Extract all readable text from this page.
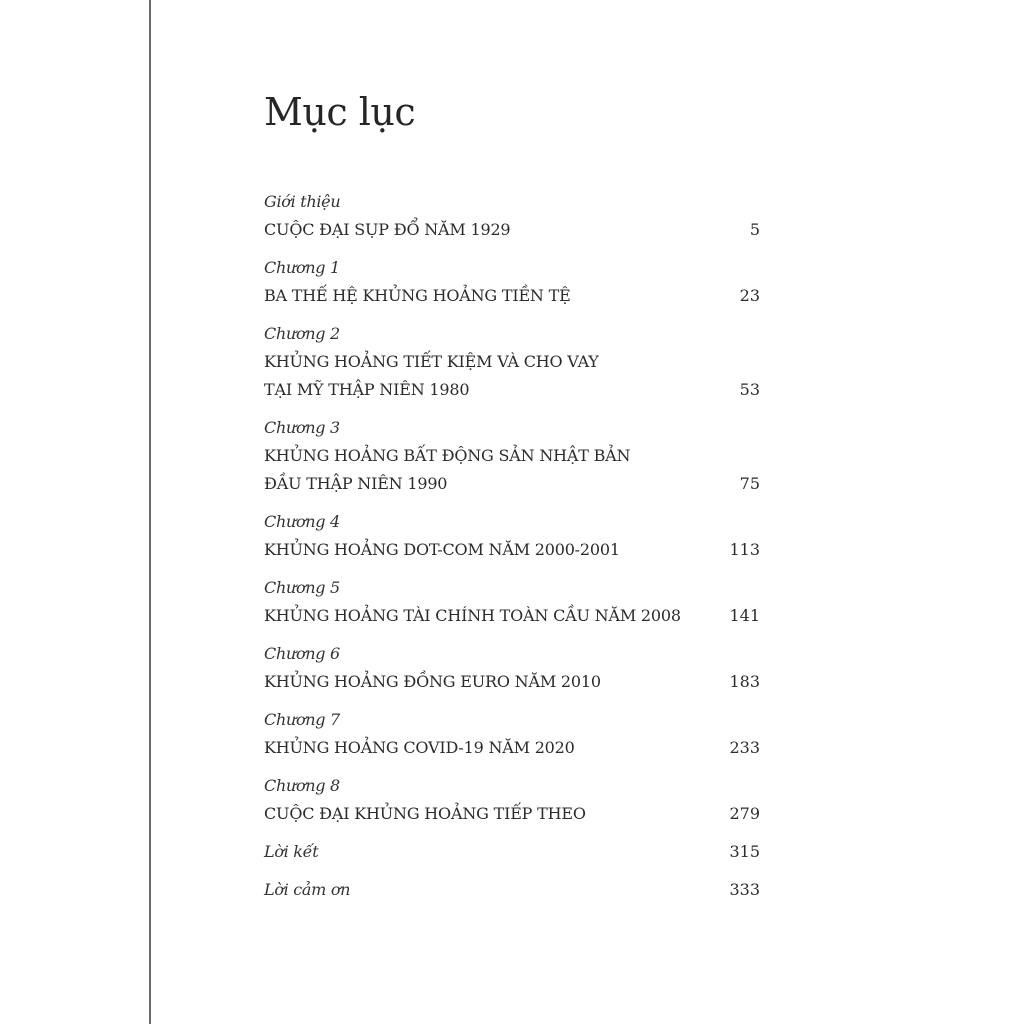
Mục lục
Giới thiệu
CUỘC ĐẠI SỤP ĐỔ NĂM 1929	5
Chương 1
BA THẾ HỆ KHỦNG HOẢNG TIỀN TỆ	23
Chương 2
KHỦNG HOẢNG TIẾT KIỆM VÀ CHO VAY
TẠI MỸ THẬP NIÊN 1980	53
Chương 3
KHỦNG HOẢNG BẤT ĐỘNG SẢN NHẬT BẢN
ĐẦU THẬP NIÊN 1990	75
Chương 4
KHỦNG HOẢNG DOT-COM NĂM 2000-2001	113
Chương 5
KHỦNG HOẢNG TÀI CHÍNH TOÀN CẦU NĂM 2008	141
Chương 6
KHỦNG HOẢNG ĐỒNG EURO NĂM 2010	183
Chương 7
KHỦNG HOẢNG COVID-19 NĂM 2020	233
Chương 8
CUỘC ĐẠI KHỦNG HOẢNG TIẾP THEO	279
Lời kết	315
Lời cảm ơn	333
